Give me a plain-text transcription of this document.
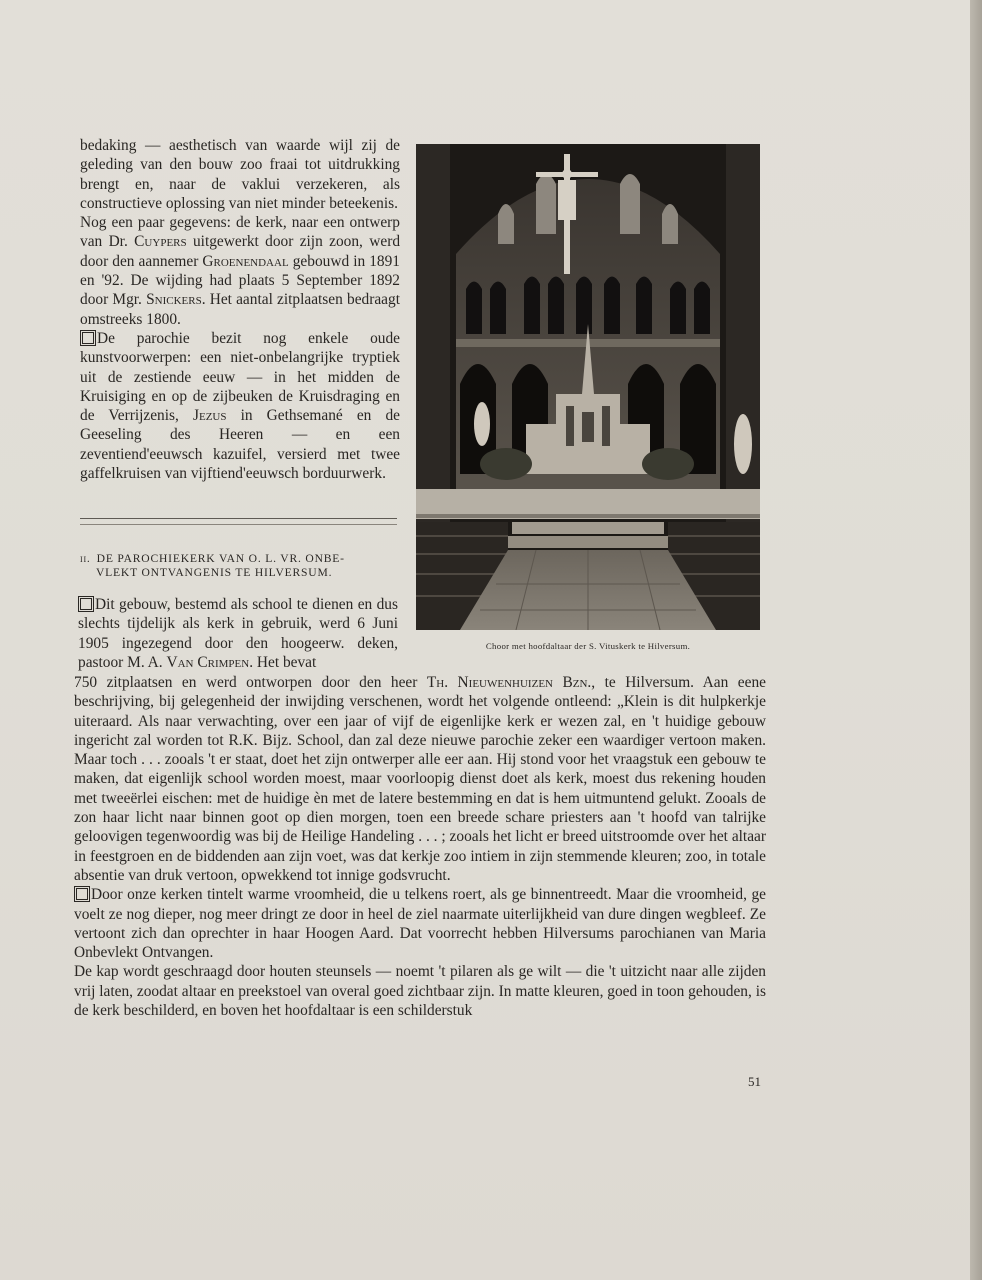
bedaking — aesthetisch van waarde wijl zij de geleding van den bouw zoo fraai tot uitdrukking brengt en, naar de vaklui verzekeren, als constructieve oplossing van niet minder beteekenis.

Nog een paar gegevens: de kerk, naar een ontwerp van Dr. Cuypers uitgewerkt door zijn zoon, werd door den aannemer Groenendaal gebouwd in 1891 en '92. De wijding had plaats 5 September 1892 door Mgr. Snickers. Het aantal zitplaatsen bedraagt omstreeks 1800.

De parochie bezit nog enkele oude kunstvoorwerpen: een niet-onbelangrijke tryptiek uit de zestiende eeuw — in het midden de Kruisiging en op de zijbeuken de Kruisdraging en de Verrijzenis, Jezus in Gethsemané en de Geeseling des Heeren — en een zeventiend'eeuwsch kazuifel, versierd met twee gaffelkruisen van vijftiend'eeuwsch borduurwerk.

ii. DE PAROCHIEKERK VAN O. L. VR. ONBE-
VLEKT ONTVANGENIS TE HILVERSUM.
Dit gebouw, bestemd als school te dienen en dus slechts tijdelijk als kerk in gebruik, werd 6 Juni 1905 ingezegend door den hoogeerw. deken, pastoor M. A. Van Crimpen. Het bevat
Choor met hoofdaltaar der S. Vituskerk te Hilversum.

750 zitplaatsen en werd ontworpen door den heer Th. Nieuwenhuizen Bzn., te Hilversum. Aan eene beschrijving, bij gelegenheid der inwijding verschenen, wordt het volgende ontleend: „Klein is dit hulpkerkje uiteraard. Als naar verwachting, over een jaar of vijf de eigenlijke kerk er wezen zal, en 't huidige gebouw ingericht zal worden tot R.K. Bijz. School, dan zal deze nieuwe parochie zeker een waardiger vertoon maken. Maar toch . . . zooals 't er staat, doet het zijn ontwerper alle eer aan. Hij stond voor het vraagstuk een gebouw te maken, dat eigenlijk school worden moest, maar voorloopig dienst doet als kerk, moest dus rekening houden met tweeërlei eischen: met de huidige èn met de latere bestemming en dat is hem uitmuntend gelukt. Zooals de zon haar licht naar binnen goot op dien morgen, toen een breede schare priesters aan 't hoofd van talrijke geloovigen tegenwoordig was bij de Heilige Handeling . . . ; zooals het licht er breed uitstroomde over het altaar in feestgroen en de biddenden aan zijn voet, was dat kerkje zoo intiem in zijn stemmende kleuren; zoo, in totale absentie van druk vertoon, opwekkend tot innige godsvrucht.

Door onze kerken tintelt warme vroomheid, die u telkens roert, als ge binnentreedt. Maar die vroomheid, ge voelt ze nog dieper, nog meer dringt ze door in heel de ziel naarmate uiterlijkheid van dure dingen wegbleef. Ze vertoont zich dan oprechter in haar Hoogen Aard. Dat voorrecht hebben Hilversums parochianen van Maria Onbevlekt Ontvangen.

De kap wordt geschraagd door houten steunsels — noemt 't pilaren als ge wilt — die 't uitzicht naar alle zijden vrij laten, zoodat altaar en preekstoel van overal goed zichtbaar zijn. In matte kleuren, goed in toon gehouden, is de kerk beschilderd, en boven het hoofdaltaar is een schilderstuk

51
